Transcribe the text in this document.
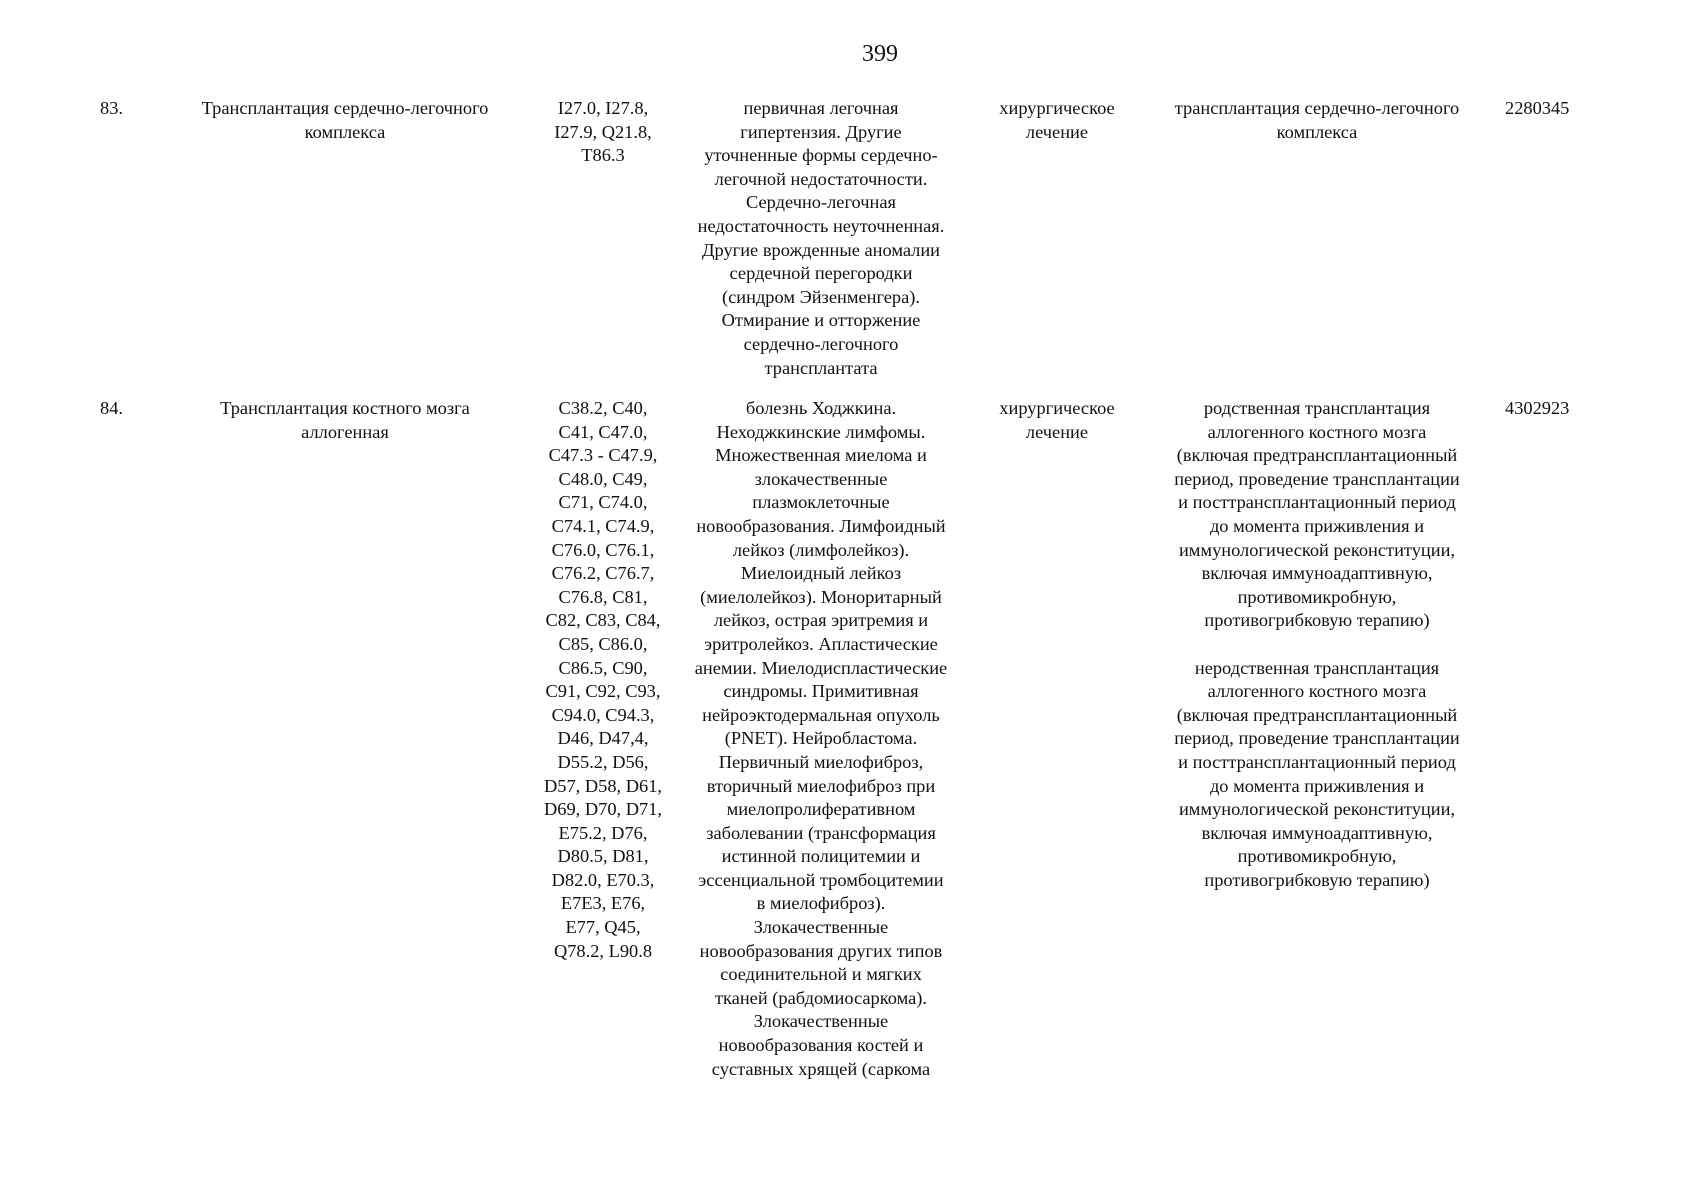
399
83.	Трансплантация сердечно-легочного
комплекса
I27.0, I27.8,
I27.9, Q21.8,
T86.3
первичная легочная
гипертензия. Другие
уточненные формы сердечно-
легочной недостаточности.
Сердечно-легочная
недостаточность неуточненная.
Другие врожденные аномалии
сердечной перегородки
(синдром Эйзенменгера).
Отмирание и отторжение
сердечно-легочного
трансплантата
хирургическое
лечение
трансплантация сердечно-легочного
комплекса
2280345
84.	Трансплантация костного мозга
аллогенная
C38.2, C40,
C41, C47.0,
C47.3 - C47.9,
C48.0, C49,
C71, C74.0,
C74.1, C74.9,
C76.0, C76.1,
C76.2, C76.7,
C76.8, C81,
C82, C83, C84,
C85, C86.0,
C86.5, C90,
C91, C92, C93,
C94.0, C94.3,
D46, D47,4,
D55.2, D56,
D57, D58, D61,
D69, D70, D71,
E75.2, D76,
D80.5, D81,
D82.0, E70.3,
E7E3, E76,
E77, Q45,
Q78.2, L90.8
болезнь Ходжкина.
Неходжкинские лимфомы.
Множественная миелома и
злокачественные
плазмоклеточные
новообразования. Лимфоидный
лейкоз (лимфолейкоз).
Миелоидный лейкоз
(миелолейкоз). Моноритарный
лейкоз, острая эритремия и
эритролейкоз. Апластические
анемии. Миелодиспластические
синдромы. Примитивная
нейроэктодермальная опухоль
(PNET). Нейробластома.
Первичный миелофиброз,
вторичный миелофиброз при
миелопролиферативном
заболевании (трансформация
истинной полицитемии и
эссенциальной тромбоцитемии
в миелофиброз).
Злокачественные
новообразования других типов
соединительной и мягких
тканей (рабдомиосаркома).
Злокачественные
новообразования костей и
суставных хрящей (саркома
хирургическое
лечение
родственная трансплантация
аллогенного костного мозга
(включая предтрансплантационный
период, проведение трансплантации
и посттрансплантационный период
до момента приживления и
иммунологической реконституции,
включая иммуноадаптивную,
противомикробную,
противогрибковую терапию)
неродственная трансплантация
аллогенного костного мозга
(включая предтрансплантационный
период, проведение трансплантации
и посттрансплантационный период
до момента приживления и
иммунологической реконституции,
включая иммуноадаптивную,
противомикробную,
противогрибковую терапию)
4302923
